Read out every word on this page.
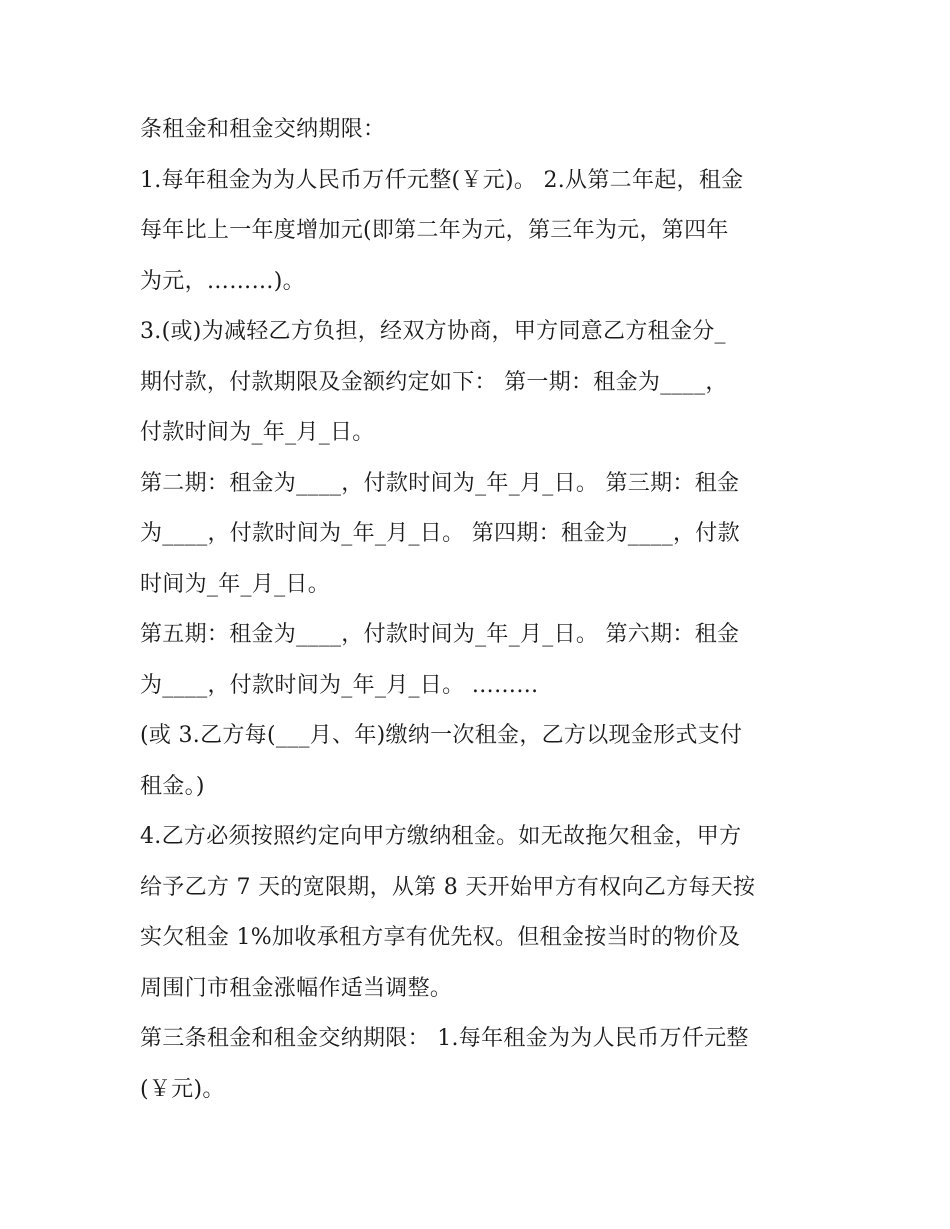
条租金和租金交纳期限：
1.每年租金为为人民币万仟元整(￥元)。 2.从第二年起，租金
每年比上一年度增加元(即第二年为元，第三年为元，第四年
为元，………)。
3.(或)为减轻乙方负担，经双方协商，甲方同意乙方租金分_
期付款，付款期限及金额约定如下： 第一期：租金为____，
付款时间为_年_月_日。
第二期：租金为____，付款时间为_年_月_日。 第三期：租金
为____，付款时间为_年_月_日。 第四期：租金为____，付款
时间为_年_月_日。
第五期：租金为____，付款时间为_年_月_日。 第六期：租金
为____，付款时间为_年_月_日。 ………
(或 3.乙方每(___月、年)缴纳一次租金，乙方以现金形式支付
租金。)
4.乙方必须按照约定向甲方缴纳租金。如无故拖欠租金，甲方
给予乙方 7 天的宽限期，从第 8 天开始甲方有权向乙方每天按
实欠租金 1%加收承租方享有优先权。但租金按当时的物价及
周围门市租金涨幅作适当调整。
第三条租金和租金交纳期限： 1.每年租金为为人民币万仟元整
(￥元)。
